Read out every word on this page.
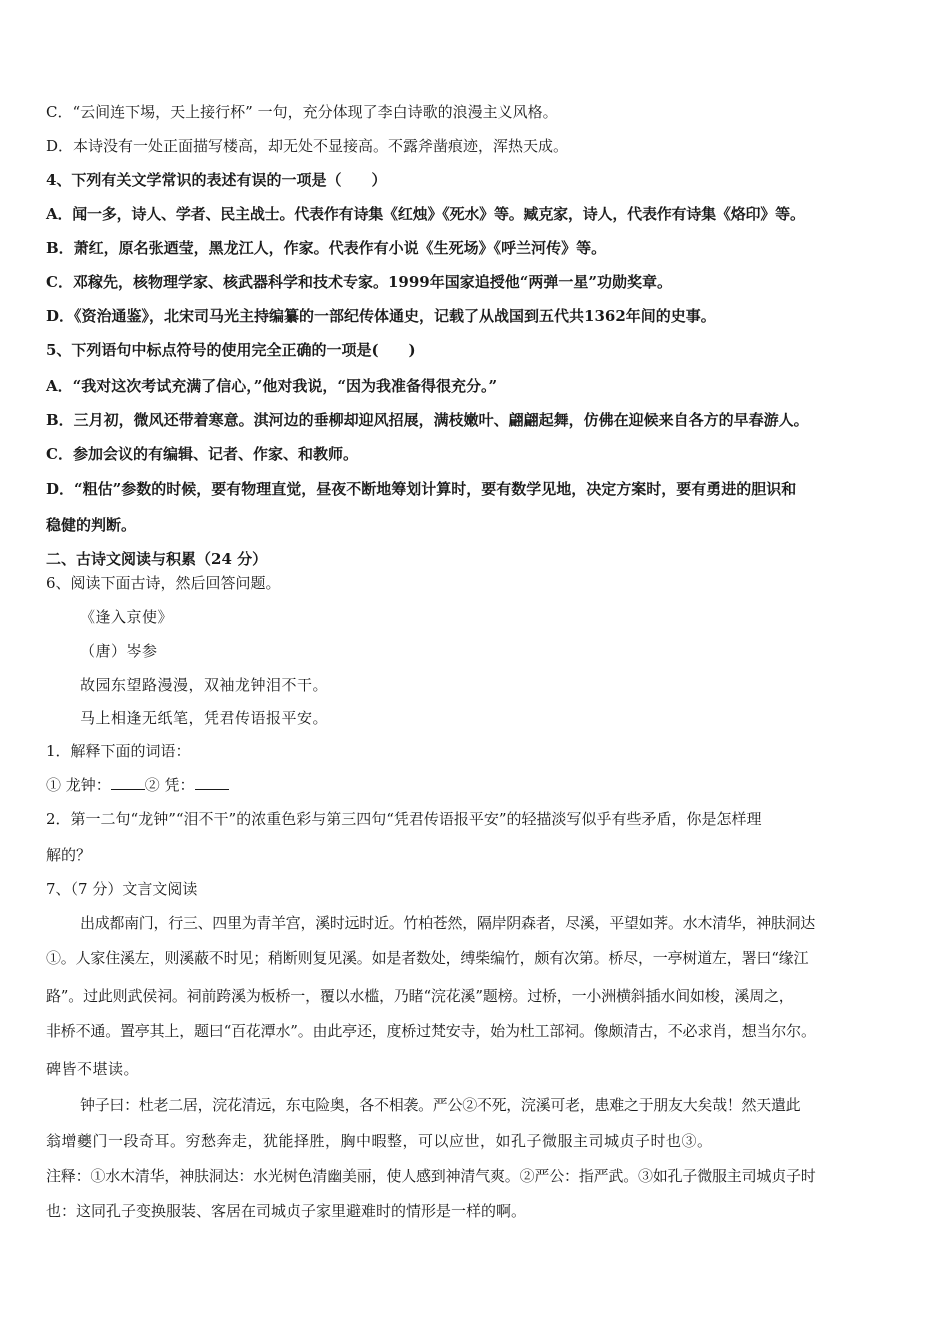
C．“云间连下埸，天上接行杯” 一句，充分体现了李白诗歌的浪漫主义风格。
D．本诗没有一处正面描写楼高，却无处不显接高。不露斧凿痕迹，浑热天成。
4、下列有关文学常识的表述有误的一项是（　　）
A．闻一多，诗人、学者、民主战士。代表作有诗集《红烛》《死水》等。臧克家，诗人，代表作有诗集《烙印》等。
B．萧红，原名张迺莹，黑龙江人，作家。代表作有小说《生死场》《呼兰河传》等。
C．邓稼先，核物理学家、核武器科学和技术专家。1999年国家追授他“两弹一星”功勋奖章。
D．《资治通鉴》，北宋司马光主持编纂的一部纪传体通史，记载了从战国到五代共1362年间的史事。
5、下列语句中标点符号的使用完全正确的一项是(　　)
A．“我对这次考试充满了信心，”他对我说，“因为我准备得很充分。”
B．三月初，微风还带着寒意。淇河边的垂柳却迎风招展，满枝嫩叶、翩翩起舞，仿佛在迎候来自各方的早春游人。
C．参加会议的有编辑、记者、作家、和教师。
D．“粗估”参数的时候，要有物理直觉，昼夜不断地筹划计算时，要有数学见地，决定方案时，要有勇进的胆识和
稳健的判断。
二、古诗文阅读与积累（24 分）
6、阅读下面古诗，然后回答问题。
《逢入京使》
（唐）岑参
故园东望路漫漫，双袖龙钟泪不干。
马上相逢无纸笔，凭君传语报平安。
1．解释下面的词语：
① 龙钟： ② 凭：
2．第一二句“龙钟”“泪不干”的浓重色彩与第三四句“凭君传语报平安”的轻描淡写似乎有些矛盾，你是怎样理
解的？
7、（7 分）文言文阅读
出成都南门，行三、四里为青羊宫，溪时远时近。竹柏苍然，隔岸阴森者，尽溪，平望如荠。水木清华，神肤洞达
①。人家住溪左，则溪蔽不时见；稍断则复见溪。如是者数处，缚柴编竹，颇有次第。桥尽，一亭树道左，署曰“缘江
路”。过此则武侯祠。祠前跨溪为板桥一，覆以水槛，乃睹“浣花溪”题榜。过桥，一小洲横斜插水间如梭，溪周之，
非桥不通。置亭其上，题曰“百花潭水”。由此亭还，度桥过梵安寺，始为杜工部祠。像颇清古，不必求肖，想当尔尔。
碑皆不堪读。
钟子曰：杜老二居，浣花清远，东屯险奥，各不相袭。严公②不死，浣溪可老，患难之于朋友大矣哉！然天遣此
翁增夔门一段奇耳。穷愁奔走，犹能择胜，胸中暇整，可以应世，如孔子微服主司城贞子时也③。
注释：①水木清华，神肤洞达：水光树色清幽美丽，使人感到神清气爽。②严公：指严武。③如孔子微服主司城贞子时
也：这同孔子变换服装、客居在司城贞子家里避难时的情形是一样的啊。
